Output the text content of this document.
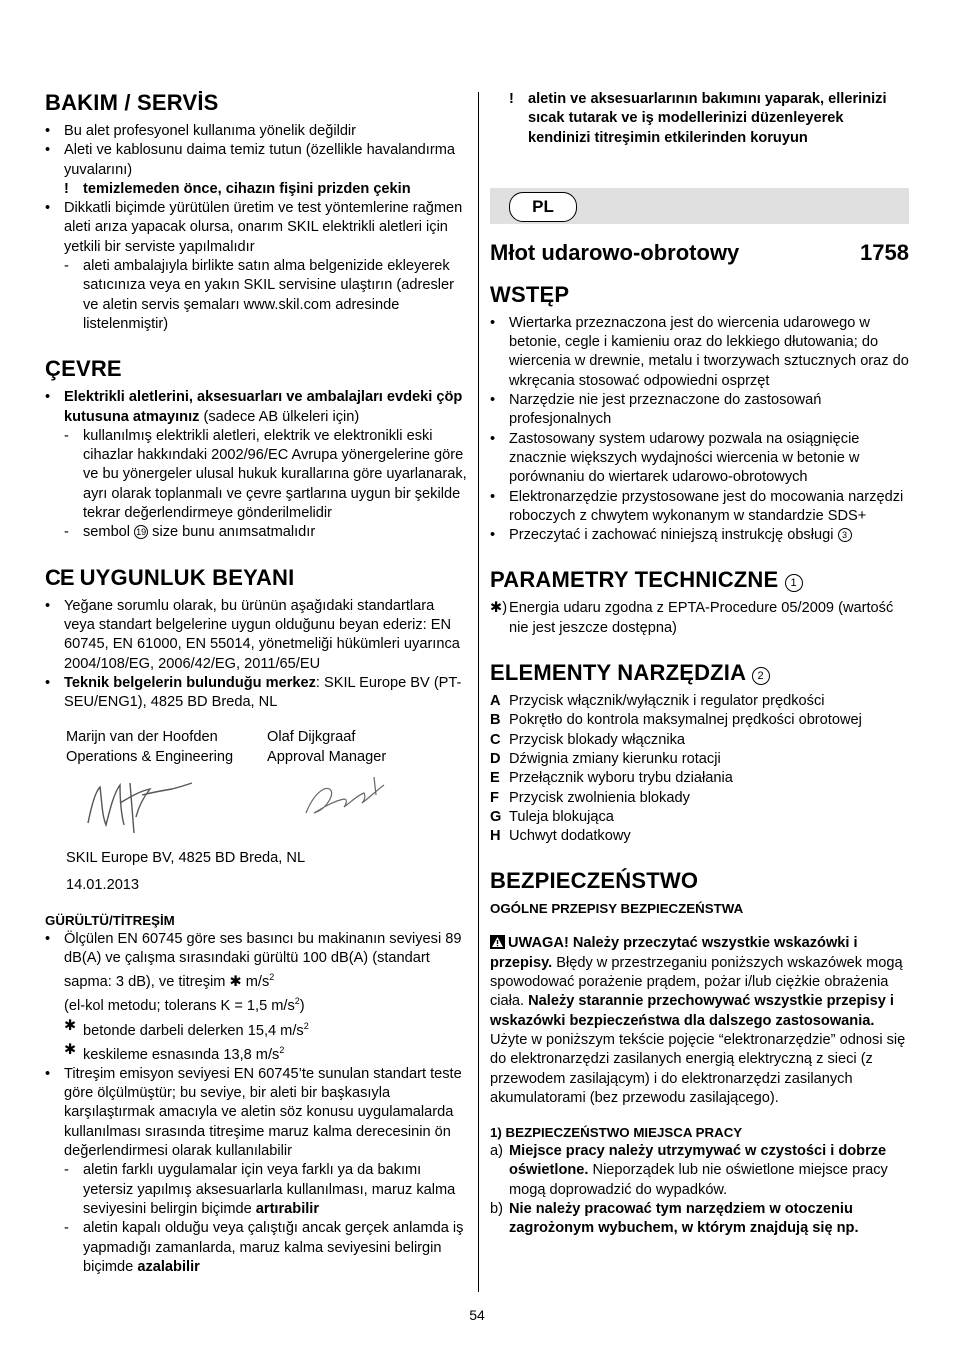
BAKIM / SERVİS
• Bu alet profesyonel kullanıma yönelik değildir
• Aleti ve kablosunu daima temiz tutun (özellikle havalandırma yuvalarını)
! temizlemeden önce, cihazın fişini prizden çekin
• Dikkatli biçimde yürütülen üretim ve test yöntemlerine rağmen aleti arıza yapacak olursa, onarım SKIL elektrikli aletleri için yetkili bir serviste yapılmalıdır
- aleti ambalajıyla birlikte satın alma belgenizide ekleyerek satıcınıza veya en yakın SKIL servisine ulaştırın (adresler ve aletin servis şemaları www.skil.com adresinde listelenmiştir)
ÇEVRE
• Elektrikli aletlerini, aksesuarları ve ambalajları evdeki çöp kutusuna atmayınız (sadece AB ülkeleri için)
- kullanılmış elektrikli aletleri, elektrik ve elektronikli eski cihazlar hakkındaki 2002/96/EC Avrupa yönergelerine göre ve bu yönergeler ulusal hukuk kurallarına göre uyarlanarak, ayrı olarak toplanmalı ve çevre şartlarına uygun bir şekilde tekrar değerlendirmeye gönderilmelidir
- sembol 19 size bunu anımsatmalıdır
CE UYGUNLUK BEYANI
• Yeğane sorumlu olarak, bu ürünün aşağıdaki standartlara veya standart belgelerine uygun olduğunu beyan ederiz: EN 60745, EN 61000, EN 55014, yönetmeliği hükümleri uyarınca 2004/108/EG, 2006/42/EG, 2011/65/EU
• Teknik belgelerin bulunduğu merkez: SKIL Europe BV (PT-SEU/ENG1), 4825 BD Breda, NL
Marijn van der Hoofden
Operations & Engineering
Olaf Dijkgraaf
Approval Manager
SKIL Europe BV, 4825 BD Breda, NL
14.01.2013
GÜRÜLTÜ/TİTREŞİM
• Ölçülen EN 60745 göre ses basıncı bu makinanın seviyesi 89 dB(A) ve çalışma sırasındaki gürültü 100 dB(A) (standart sapma: 3 dB), ve titreşim ✱ $m/s^2$
(el-kol metodu; tolerans K = 1,5 $m/s^2$)
✱ betonde darbeli delerken 15,4 $m/s^2$
✱ keskileme esnasında 13,8 $m/s^2$
• Titreşim emisyon seviyesi EN 60745’te sunulan standart teste göre ölçülmüştür; bu seviye, bir aleti bir başkasıyla karşılaştırmak amacıyla ve aletin söz konusu uygulamalarda kullanılması sırasında titreşime maruz kalma derecesinin ön değerlendirmesi olarak kullanılabilir
- aletin farklı uygulamalar için veya farklı ya da bakımı yetersiz yapılmış aksesuarlarla kullanılması, maruz kalma seviyesini belirgin biçimde artırabilir
- aletin kapalı olduğu veya çalıştığı ancak gerçek anlamda iş yapmadığı zamanlarda, maruz kalma seviyesini belirgin biçimde azalabilir
! aletin ve aksesuarlarının bakımını yaparak, ellerinizi sıcak tutarak ve iş modellerinizi düzenleyerek kendinizi titreşimin etkilerinden koruyun
PL
Młot udarowo-obrotowy	1758
WSTĘP
• Wiertarka przeznaczona jest do wiercenia udarowego w betonie, cegle i kamieniu oraz do lekkiego dłutowania; do wiercenia w drewnie, metalu i tworzywach sztucznych oraz do wkręcania stosować odpowiedni osprzęt
• Narzędzie nie jest przeznaczone do zastosowań profesjonalnych
• Zastosowany system udarowy pozwala na osiągnięcie znacznie większych wydajności wiercenia w betonie w porównaniu do wiertarek udarowo-obrotowych
• Elektronarzędzie przystosowane jest do mocowania narzędzi roboczych z chwytem wykonanym w standardzie SDS+
• Przeczytać i zachować niniejszą instrukcję obsługi 3
PARAMETRY TECHNICZNE 1
✱) Energia udaru zgodna z EPTA-Procedure 05/2009 (wartość nie jest jeszcze dostępna)
ELEMENTY NARZĘDZIA 2
A Przycisk włącznik/wyłącznik i regulator prędkości
B Pokrętło do kontrola maksymalnej prędkości obrotowej
C Przycisk blokady włącznika
D Dźwignia zmiany kierunku rotacji
E Przełącznik wyboru trybu działania
F Przycisk zwolnienia blokady
G Tuleja blokująca
H Uchwyt dodatkowy
BEZPIECZEŃSTWO
OGÓLNE PRZEPISY BEZPIECZEŃSTWA
UWAGA! Należy przeczytać wszystkie wskazówki i przepisy. Błędy w przestrzeganiu poniższych wskazówek mogą spowodować porażenie prądem, pożar i/lub ciężkie obrażenia ciała. Należy starannie przechowywać wszystkie przepisy i wskazówki bezpieczeństwa dla dalszego zastosowania. Użyte w poniższym tekście pojęcie “elektronarzędzie” odnosi się do elektronarzędzi zasilanych energią elektryczną z sieci (z przewodem zasilającym) i do elektronarzędzi zasilanych akumulatorami (bez przewodu zasilającego).
1) BEZPIECZEŃSTWO MIEJSCA PRACY
a) Miejsce pracy należy utrzymywać w czystości i dobrze oświetlone. Nieporządek lub nie oświetlone miejsce pracy mogą doprowadzić do wypadków.
b) Nie należy pracować tym narzędziem w otoczeniu zagrożonym wybuchem, w którym znajdują się np.
54
